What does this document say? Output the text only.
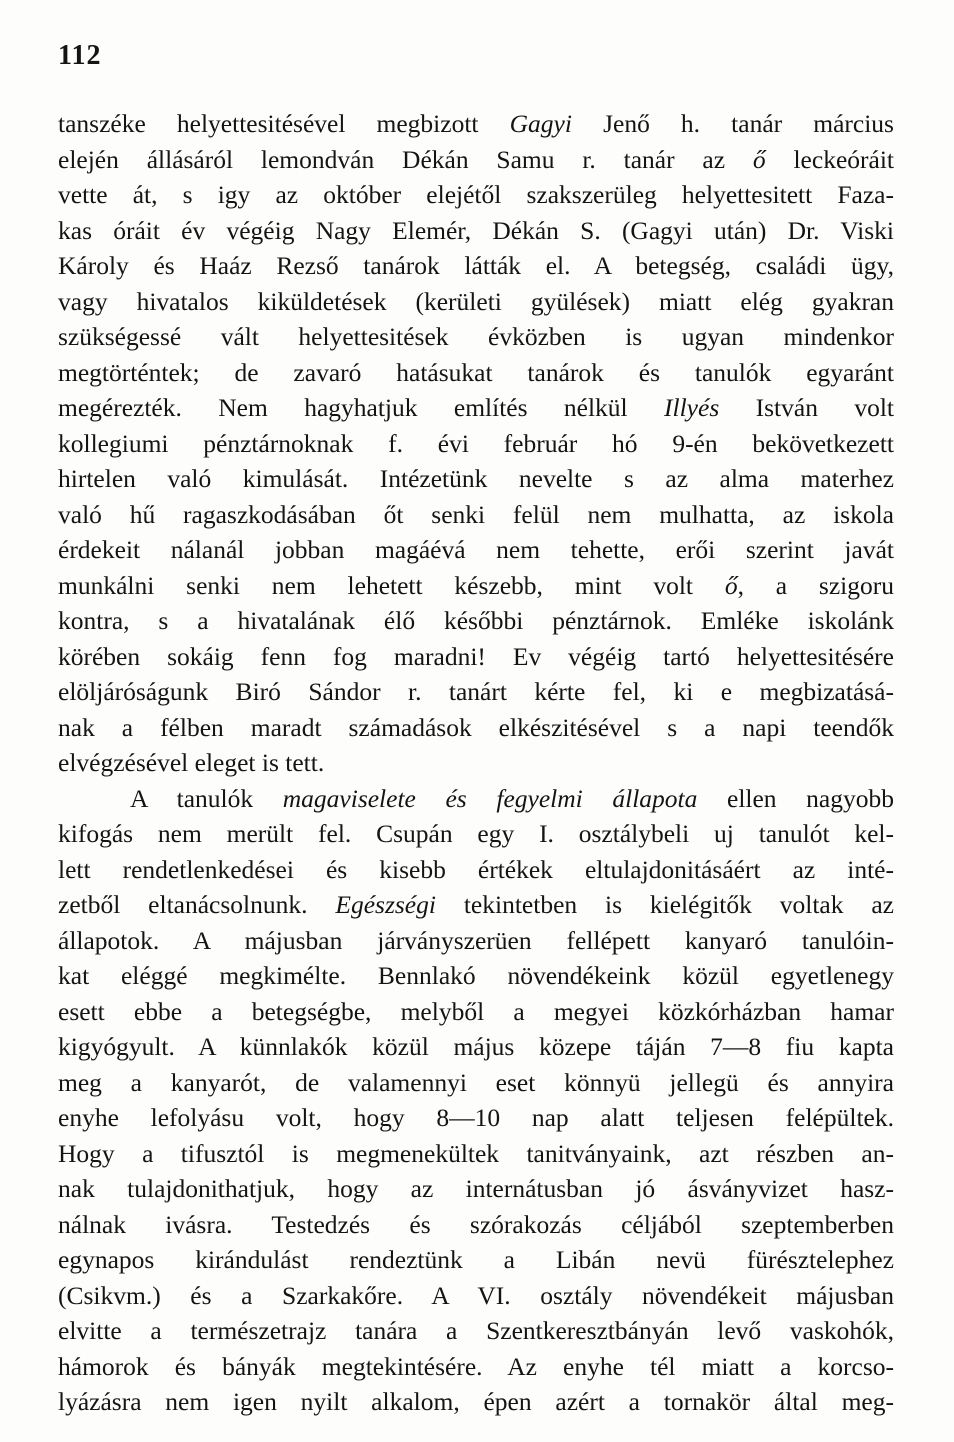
112
tanszéke helyettesitésével megbizott Gagyi Jenő h. tanár március
elején állásáról lemondván Dékán Samu r. tanár az ő leckeóráit
vette át, s igy az október elejétől szakszerüleg helyettesitett Faza-
kas óráit év végéig Nagy Elemér, Dékán S. (Gagyi után) Dr. Viski
Károly és Haáz Rezső tanárok látták el. A betegség, családi ügy,
vagy hivatalos kiküldetések (kerületi gyülések) miatt elég gyakran
szükségessé vált helyettesitések évközben is ugyan mindenkor
megtörténtek; de zavaró hatásukat tanárok és tanulók egyaránt
megérezték. Nem hagyhatjuk említés nélkül Illyés István volt
kollegiumi pénztárnoknak f. évi február hó 9-én bekövetkezett
hirtelen való kimulását. Intézetünk nevelte s az alma materhez
való hű ragaszkodásában őt senki felül nem mulhatta, az iskola
érdekeit nálanál jobban magáévá nem tehette, erői szerint javát
munkálni senki nem lehetett készebb, mint volt ő, a szigoru
kontra, s a hivatalának élő későbbi pénztárnok. Emléke iskolánk
körében sokáig fenn fog maradni! Ev végéig tartó helyettesitésére
elöljáróságunk Biró Sándor r. tanárt kérte fel, ki e megbizatásá-
nak a félben maradt számadások elkészitésével s a napi teendők
elvégzésével eleget is tett.
A tanulók magaviselete és fegyelmi állapota ellen nagyobb
kifogás nem merült fel. Csupán egy I. osztálybeli uj tanulót kel-
lett rendetlenkedései és kisebb értékek eltulajdonitásáért az inté-
zetből eltanácsolnunk. Egészségi tekintetben is kielégitők voltak az
állapotok. A májusban járványszerüen fellépett kanyaró tanulóin-
kat eléggé megkimélte. Bennlakó növendékeink közül egyetlenegy
esett ebbe a betegségbe, melyből a megyei közkórházban hamar
kigyógyult. A künnlakók közül május közepe táján 7—8 fiu kapta
meg a kanyarót, de valamennyi eset könnyü jellegü és annyira
enyhe lefolyásu volt, hogy 8—10 nap alatt teljesen felépültek.
Hogy a tifusztól is megmenekültek tanitványaink, azt részben an-
nak tulajdonithatjuk, hogy az internátusban jó ásványvizet hasz-
nálnak ivásra. Testedzés és szórakozás céljából szeptemberben
egynapos kirándulást rendeztünk a Libán nevü fürésztelephez
(Csikvm.) és a Szarkakőre. A VI. osztály növendékeit májusban
elvitte a természetrajz tanára a Szentkeresztbányán levő vaskohók,
hámorok és bányák megtekintésére. Az enyhe tél miatt a korcso-
lyázásra nem igen nyilt alkalom, épen azért a tornakör által meg-
